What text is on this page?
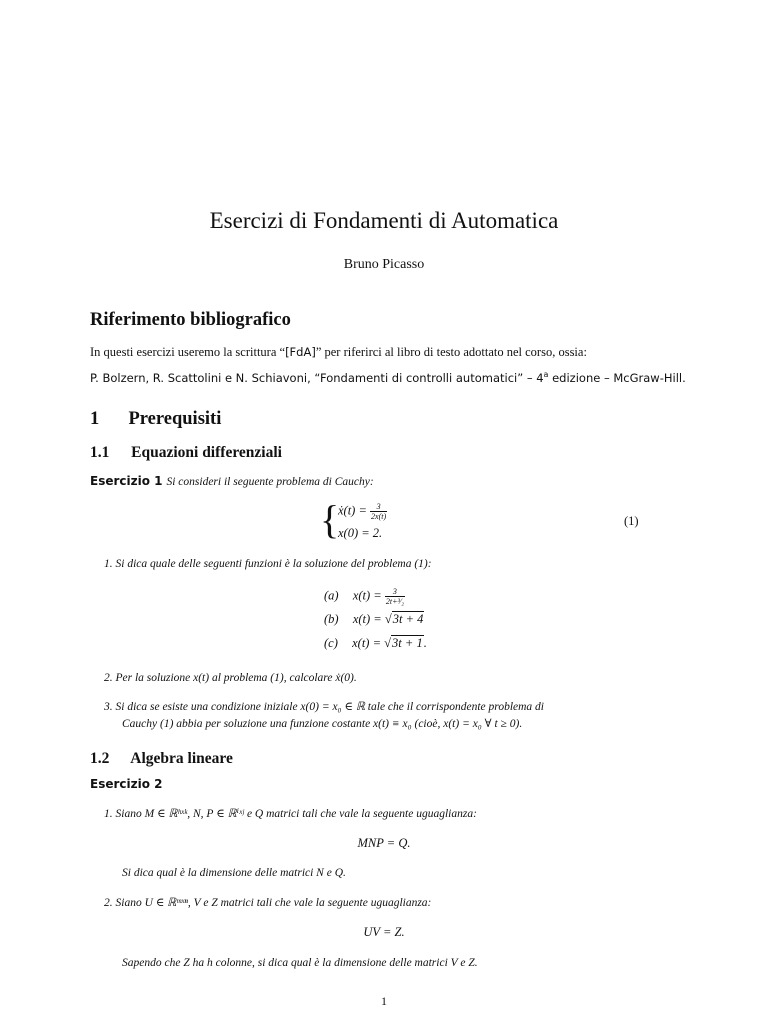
Esercizi di Fondamenti di Automatica
Bruno Picasso
Riferimento bibliografico
In questi esercizi useremo la scrittura “[FdA]” per riferirci al libro di testo adottato nel corso, ossia:
P. Bolzern, R. Scattolini e N. Schiavoni, “Fondamenti di controlli automatici” – 4$^a$ edizione – McGraw-Hill.
1 Prerequisiti
1.1 Equazioni differenziali
Esercizio 1 Si consideri il seguente problema di Cauchy:
{
ẋ(t) = $\frac{3}{2x(t)}$
x(0) = 2.
(1)
1. Si dica quale delle seguenti funzioni è la soluzione del problema (1):
(a) $x(t) = \frac{3}{\text{2t+³⁄₂}}$
(b) x(t) = √3t + 4
(c) x(t) = √3t + 1.
2. Per la soluzione x(t) al problema (1), calcolare ẋ(0).
3. Si dica se esiste una condizione iniziale x(0) = x₀ ∈ ℝ tale che il corrispondente problema di
Cauchy (1) abbia per soluzione una funzione costante x(t) ≡ x₀ (cioè, x(t) = x₀ ∀ t ≥ 0).
1.2 Algebra lineare
Esercizio 2
1. Siano M ∈ ℝʰˣᵏ, N, P ∈ ℝⁱˣʲ e Q matrici tali che vale la seguente uguaglianza:
MNP = Q.
Si dica qual è la dimensione delle matrici N e Q.
2. Siano U ∈ ℝᵐˣⁿ, V e Z matrici tali che vale la seguente uguaglianza:
UV = Z.
Sapendo che Z ha h colonne, si dica qual è la dimensione delle matrici V e Z.
1
